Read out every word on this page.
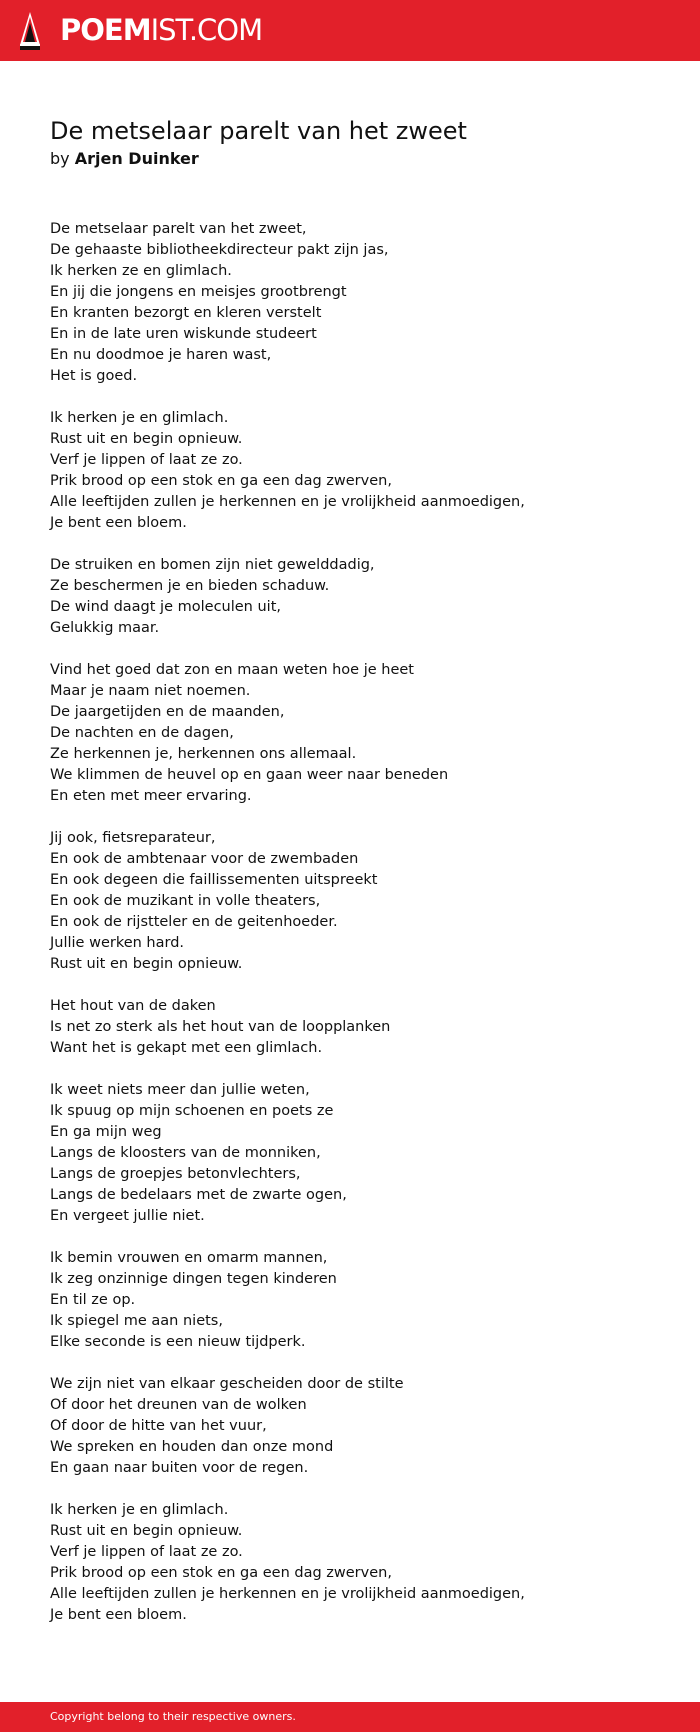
POEMIST.COM
De metselaar parelt van het zweet
by Arjen Duinker
De metselaar parelt van het zweet,
De gehaaste bibliotheekdirecteur pakt zijn jas,
Ik herken ze en glimlach.
En jij die jongens en meisjes grootbrengt
En kranten bezorgt en kleren verstelt
En in de late uren wiskunde studeert
En nu doodmoe je haren wast,
Het is goed.
Ik herken je en glimlach.
Rust uit en begin opnieuw.
Verf je lippen of laat ze zo.
Prik brood op een stok en ga een dag zwerven,
Alle leeftijden zullen je herkennen en je vrolijkheid aanmoedigen,
Je bent een bloem.
De struiken en bomen zijn niet gewelddadig,
Ze beschermen je en bieden schaduw.
De wind daagt je moleculen uit,
Gelukkig maar.
Vind het goed dat zon en maan weten hoe je heet
Maar je naam niet noemen.
De jaargetijden en de maanden,
De nachten en de dagen,
Ze herkennen je, herkennen ons allemaal.
We klimmen de heuvel op en gaan weer naar beneden
En eten met meer ervaring.
Jij ook, fietsreparateur,
En ook de ambtenaar voor de zwembaden
En ook degeen die faillissementen uitspreekt
En ook de muzikant in volle theaters,
En ook de rijstteler en de geitenhoeder.
Jullie werken hard.
Rust uit en begin opnieuw.
Het hout van de daken
Is net zo sterk als het hout van de loopplanken
Want het is gekapt met een glimlach.
Ik weet niets meer dan jullie weten,
Ik spuug op mijn schoenen en poets ze
En ga mijn weg
Langs de kloosters van de monniken,
Langs de groepjes betonvlechters,
Langs de bedelaars met de zwarte ogen,
En vergeet jullie niet.
Ik bemin vrouwen en omarm mannen,
Ik zeg onzinnige dingen tegen kinderen
En til ze op.
Ik spiegel me aan niets,
Elke seconde is een nieuw tijdperk.
We zijn niet van elkaar gescheiden door de stilte
Of door het dreunen van de wolken
Of door de hitte van het vuur,
We spreken en houden dan onze mond
En gaan naar buiten voor de regen.
Ik herken je en glimlach.
Rust uit en begin opnieuw.
Verf je lippen of laat ze zo.
Prik brood op een stok en ga een dag zwerven,
Alle leeftijden zullen je herkennen en je vrolijkheid aanmoedigen,
Je bent een bloem.
Copyright belong to their respective owners.
